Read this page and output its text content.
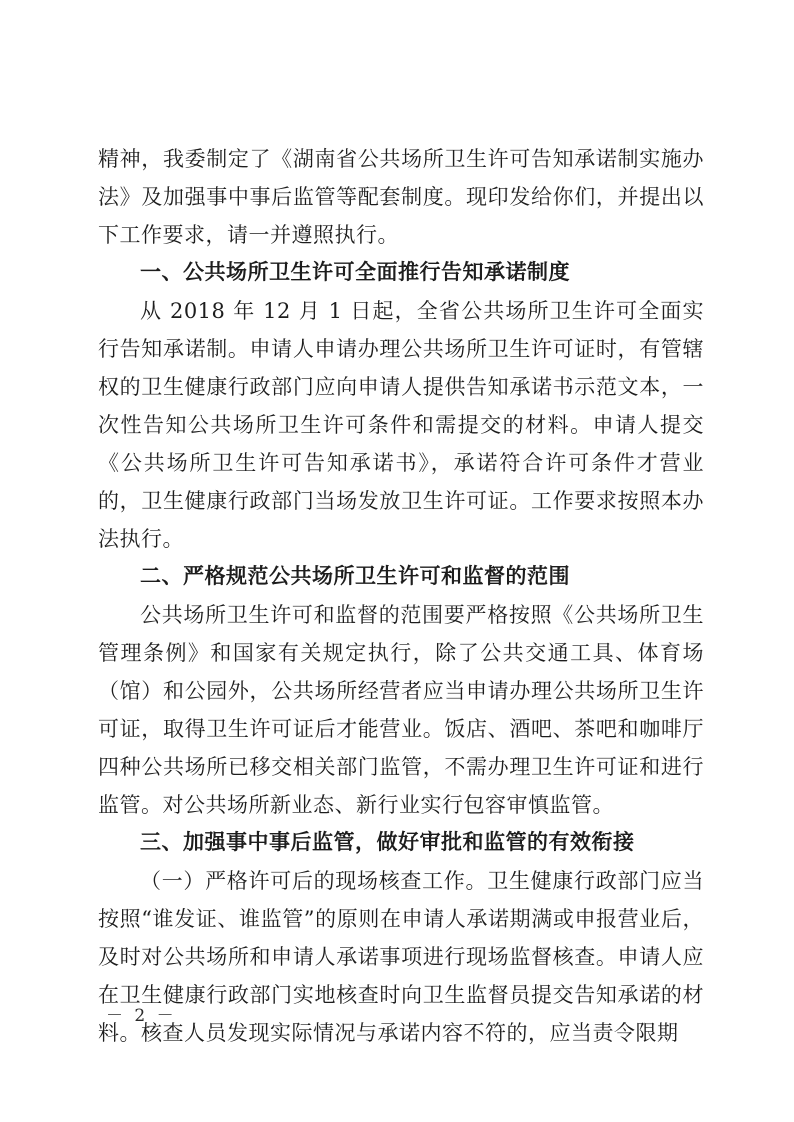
精神，我委制定了《湖南省公共场所卫生许可告知承诺制实施办法》及加强事中事后监管等配套制度。现印发给你们，并提出以下工作要求，请一并遵照执行。

一、公共场所卫生许可全面推行告知承诺制度

从 2018 年 12 月 1 日起，全省公共场所卫生许可全面实行告知承诺制。申请人申请办理公共场所卫生许可证时，有管辖权的卫生健康行政部门应向申请人提供告知承诺书示范文本，一次性告知公共场所卫生许可条件和需提交的材料。申请人提交《公共场所卫生许可告知承诺书》，承诺符合许可条件才营业的，卫生健康行政部门当场发放卫生许可证。工作要求按照本办法执行。

二、严格规范公共场所卫生许可和监督的范围

公共场所卫生许可和监督的范围要严格按照《公共场所卫生管理条例》和国家有关规定执行，除了公共交通工具、体育场（馆）和公园外，公共场所经营者应当申请办理公共场所卫生许可证，取得卫生许可证后才能营业。饭店、酒吧、茶吧和咖啡厅四种公共场所已移交相关部门监管，不需办理卫生许可证和进行监管。对公共场所新业态、新行业实行包容审慎监管。

三、加强事中事后监管，做好审批和监管的有效衔接

（一）严格许可后的现场核查工作。卫生健康行政部门应当按照“谁发证、谁监管”的原则在申请人承诺期满或申报营业后，及时对公共场所和申请人承诺事项进行现场监督核查。申请人应在卫生健康行政部门实地核查时向卫生监督员提交告知承诺的材料。核查人员发现实际情况与承诺内容不符的，应当责令限期

－ 2 －
